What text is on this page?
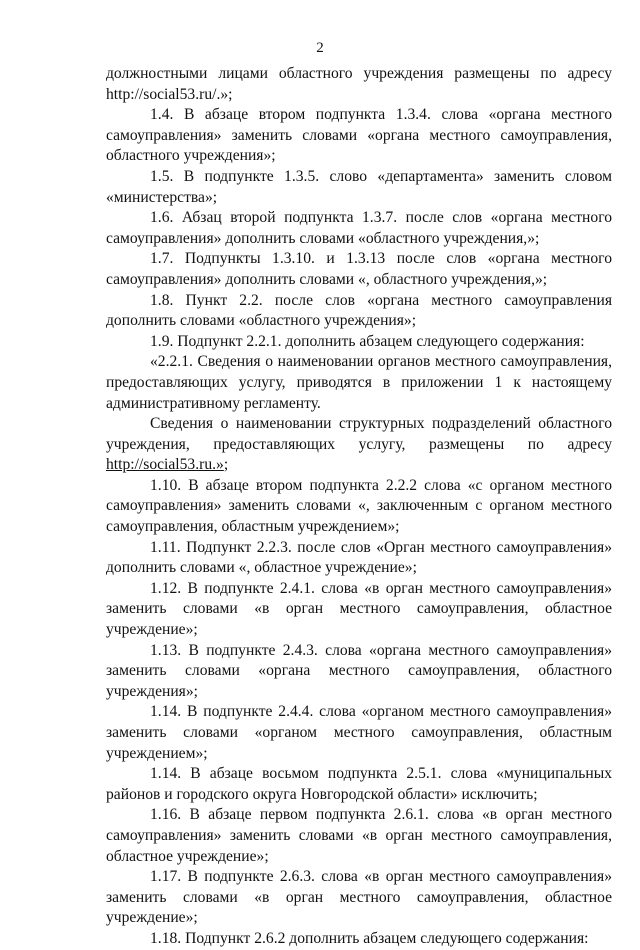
2

должностными лицами областного учреждения размещены по адресу http://social53.ru/.»;

1.4. В абзаце втором подпункта 1.3.4. слова «органа местного самоуправления» заменить словами «органа местного самоуправления, областного учреждения»;

1.5. В подпункте 1.3.5. слово «департамента» заменить словом «министерства»;

1.6. Абзац второй подпункта 1.3.7. после слов «органа местного самоуправления» дополнить словами «областного учреждения,»;

1.7. Подпункты 1.3.10. и 1.3.13 после слов «органа местного самоуправления» дополнить словами «, областного учреждения,»;

1.8. Пункт 2.2. после слов «органа местного самоуправления дополнить словами «областного учреждения»;

1.9. Подпункт 2.2.1. дополнить абзацем следующего содержания:

«2.2.1. Сведения о наименовании органов местного самоуправления, предоставляющих услугу, приводятся в приложении 1 к настоящему административному регламенту.

Сведения о наименовании структурных подразделений областного учреждения, предоставляющих услугу, размещены по адресу http://social53.ru.»;

1.10. В абзаце втором подпункта 2.2.2 слова «с органом местного самоуправления» заменить словами «, заключенным с органом местного самоуправления, областным учреждением»;

1.11. Подпункт 2.2.3. после слов «Орган местного самоуправления» дополнить словами «, областное учреждение»;

1.12. В подпункте 2.4.1. слова «в орган местного самоуправления» заменить словами «в орган местного самоуправления, областное учреждение»;

1.13. В подпункте 2.4.3. слова «органа местного самоуправления» заменить словами «органа местного самоуправления, областного учреждения»;

1.14. В подпункте 2.4.4. слова «органом местного самоуправления» заменить словами «органом местного самоуправления, областным учреждением»;

1.14. В абзаце восьмом подпункта 2.5.1. слова «муниципальных районов и городского округа Новгородской области» исключить;

1.16. В абзаце первом подпункта 2.6.1. слова «в орган местного самоуправления» заменить словами «в орган местного самоуправления, областное учреждение»;

1.17. В подпункте 2.6.3. слова «в орган местного самоуправления» заменить словами «в орган местного самоуправления, областное учреждение»;

1.18. Подпункт 2.6.2 дополнить абзацем следующего содержания:
